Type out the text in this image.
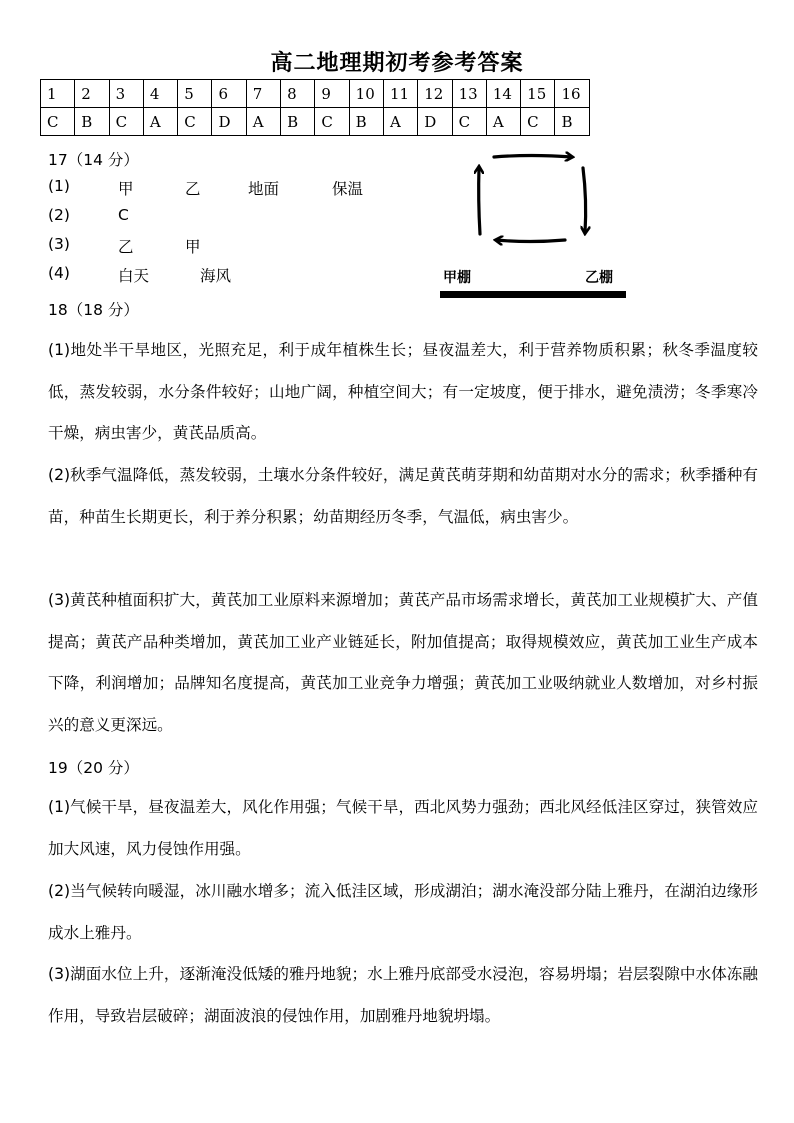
高二地理期初考参考答案
1	2	3	4	5	6	7	8	9	10	11	12	13	14	15	16
C	B	C	A	C	D	A	B	C	B	A	D	C	A	C	B
17（14 分）
(1)	甲	乙	地面	保温
(2)	C
(3)	乙	甲
(4)	白天	海风	甲棚	乙棚
18（18 分）

(1)地处半干旱地区，光照充足，利于成年植株生长；昼夜温差大，利于营养物质积累；秋冬季温度较低，蒸发较弱，水分条件较好；山地广阔，种植空间大；有一定坡度，便于排水，避免渍涝；冬季寒冷干燥，病虫害少，黄芪品质高。

(2)秋季气温降低，蒸发较弱，土壤水分条件较好，满足黄芪萌芽期和幼苗期对水分的需求；秋季播种有苗，种苗生长期更长，利于养分积累；幼苗期经历冬季，气温低，病虫害少。

(3)黄芪种植面积扩大，黄芪加工业原料来源增加；黄芪产品市场需求增长，黄芪加工业规模扩大、产值提高；黄芪产品种类增加，黄芪加工业产业链延长，附加值提高；取得规模效应，黄芪加工业生产成本下降，利润增加；品牌知名度提高，黄芪加工业竞争力增强；黄芪加工业吸纳就业人数增加，对乡村振兴的意义更深远。

19（20 分）

(1)气候干旱，昼夜温差大，风化作用强；气候干旱，西北风势力强劲；西北风经低洼区穿过，狭管效应加大风速，风力侵蚀作用强。

(2)当气候转向暖湿，冰川融水增多；流入低洼区域，形成湖泊；湖水淹没部分陆上雅丹，在湖泊边缘形成水上雅丹。

(3)湖面水位上升，逐渐淹没低矮的雅丹地貌；水上雅丹底部受水浸泡，容易坍塌；岩层裂隙中水体冻融作用，导致岩层破碎；湖面波浪的侵蚀作用，加剧雅丹地貌坍塌。
